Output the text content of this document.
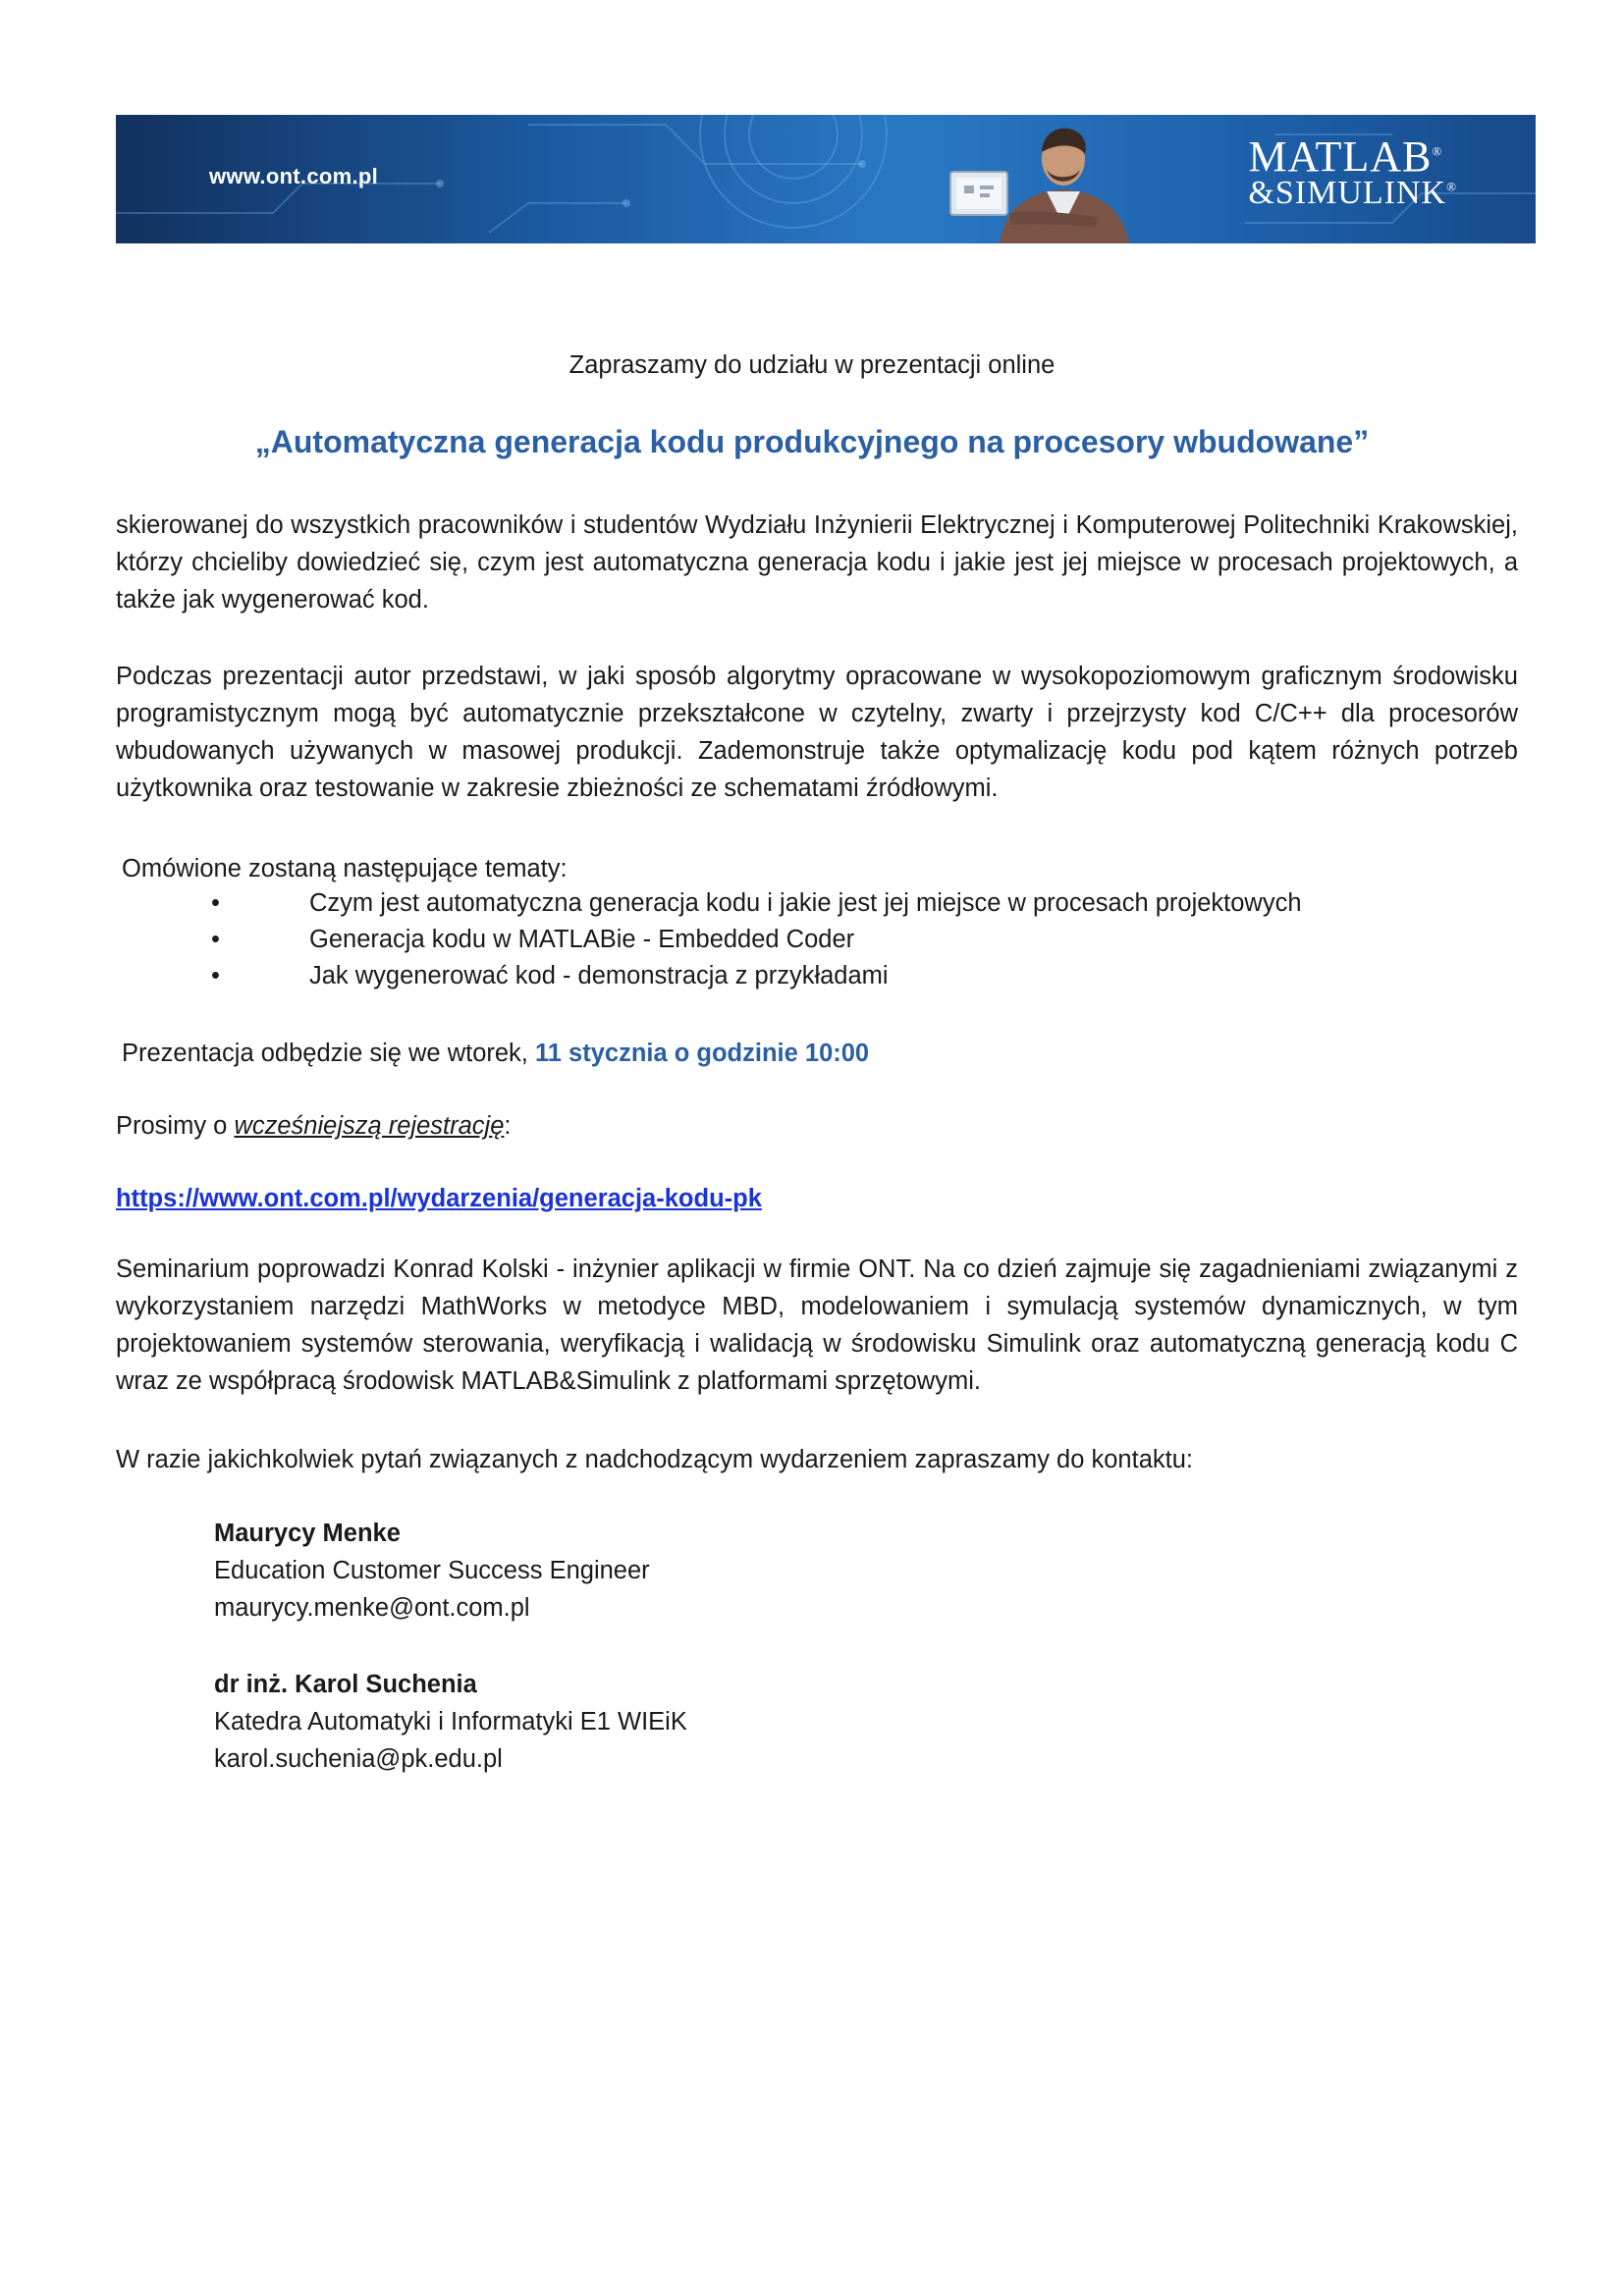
www.ont.com.pl	MATLAB®
&SIMULINK®
Zapraszamy do udziału w prezentacji online
„Automatyczna generacja kodu produkcyjnego na procesory wbudowane”
skierowanej do wszystkich pracowników i studentów Wydziału Inżynierii Elektrycznej i Komputerowej Politechniki Krakowskiej, którzy chcieliby dowiedzieć się, czym jest automatyczna generacja kodu i jakie jest jej miejsce w procesach projektowych, a także jak wygenerować kod.
Podczas prezentacji autor przedstawi, w jaki sposób algorytmy opracowane w wysokopoziomowym graficznym środowisku programistycznym mogą być automatycznie przekształcone w czytelny, zwarty i przejrzysty kod C/C++ dla procesorów wbudowanych używanych w masowej produkcji. Zademonstruje także optymalizację kodu pod kątem różnych potrzeb użytkownika oraz testowanie w zakresie zbieżności ze schematami źródłowymi.
Omówione zostaną następujące tematy:
•	Czym jest automatyczna generacja kodu i jakie jest jej miejsce w procesach projektowych
•	Generacja kodu w MATLABie - Embedded Coder
•	Jak wygenerować kod - demonstracja z przykładami
Prezentacja odbędzie się we wtorek, 11 stycznia o godzinie 10:00
Prosimy o wcześniejszą rejestrację:
https://www.ont.com.pl/wydarzenia/generacja-kodu-pk
Seminarium poprowadzi Konrad Kolski - inżynier aplikacji w firmie ONT. Na co dzień zajmuje się zagadnieniami związanymi z wykorzystaniem narzędzi MathWorks w metodyce MBD, modelowaniem i symulacją systemów dynamicznych, w tym projektowaniem systemów sterowania, weryfikacją i walidacją w środowisku Simulink oraz automatyczną generacją kodu C wraz ze współpracą środowisk MATLAB&Simulink z platformami sprzętowymi.
W razie jakichkolwiek pytań związanych z nadchodzącym wydarzeniem zapraszamy do kontaktu:
Maurycy Menke
Education Customer Success Engineer
maurycy.menke@ont.com.pl
dr inż. Karol Suchenia
Katedra Automatyki i Informatyki E1 WIEiK
karol.suchenia@pk.edu.pl
